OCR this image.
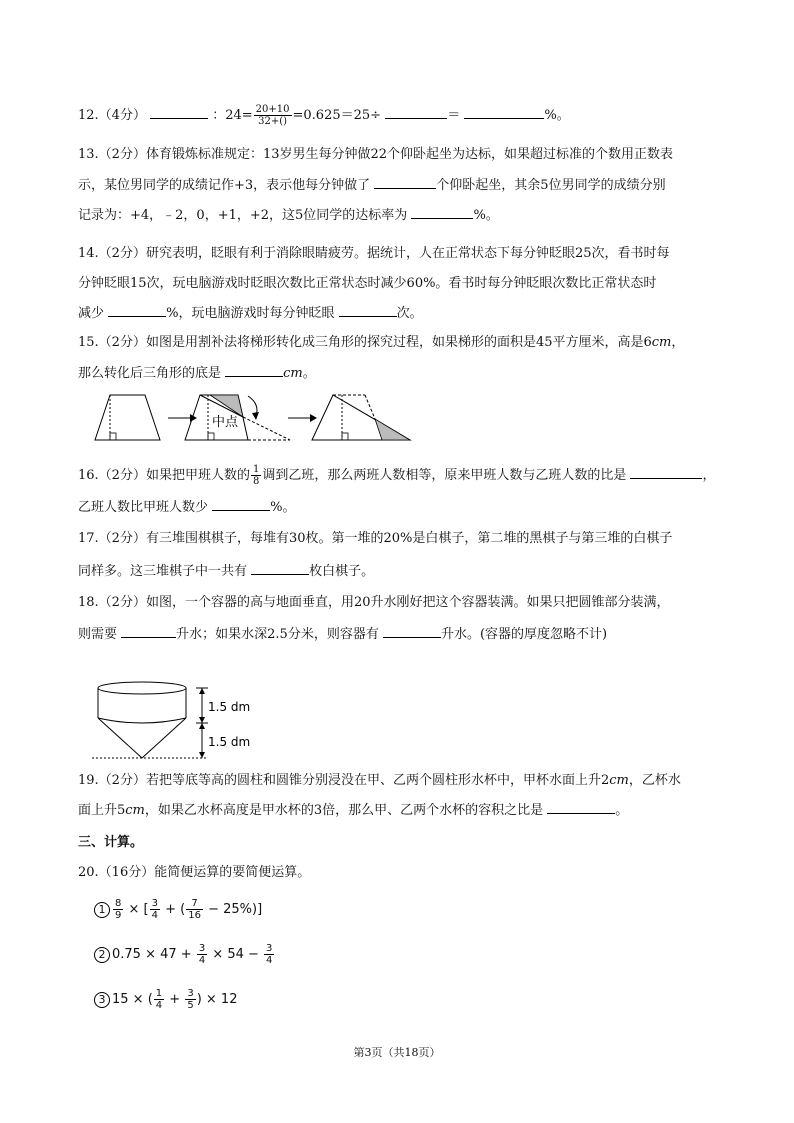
12.（4分）	：$24= \frac{20+10}{32+()} =0.625=25\div$	＝	%。
13.（2分）体育锻炼标准规定：13岁男生每分钟做22个仰卧起坐为达标，如果超过标准的个数用正数表
示，某位男同学的成绩记作+3，表示他每分钟做了	个仰卧起坐，其余5位男同学的成绩分别
记录为：+4，﹣2，0，+1，+2，这5位同学的达标率为	%。
14.（2分）研究表明，眨眼有利于消除眼睛疲劳。据统计，人在正常状态下每分钟眨眼25次，看书时每
分钟眨眼15次，玩电脑游戏时眨眼次数比正常状态时减少60%。看书时每分钟眨眼次数比正常状态时
减少	%，玩电脑游戏时每分钟眨眼	次。
15.（2分）如图是用割补法将梯形转化成三角形的探究过程，如果梯形的面积是45平方厘米，高是6cm，
那么转化后三角形的底是	cm。
中点
16.（2分）如果把甲班人数的 $\frac{1}{8}$ 调到乙班，那么两班人数相等，原来甲班人数与乙班人数的比是	，
乙班人数比甲班人数少	%。
17.（2分）有三堆围棋棋子，每堆有30枚。第一堆的20%是白棋子，第二堆的黑棋子与第三堆的白棋子
同样多。这三堆棋子中一共有	枚白棋子。
18.（2分）如图，一个容器的高与地面垂直，用20升水刚好把这个容器装满。如果只把圆锥部分装满，
则需要	升水；如果水深2.5分米，则容器有	升水。(容器的厚度忽略不计)
1.5 dm
1.5 dm
19.（2分）若把等底等高的圆柱和圆锥分别浸没在甲、乙两个圆柱形水杯中，甲杯水面上升2cm，乙杯水
面上升5cm，如果乙水杯高度是甲水杯的3倍，那么甲、乙两个水杯的容积之比是	。
三、计算。
20.（16分）能简便运算的要简便运算。
$1 \frac{8}{9}$ × [ $\frac{3}{4}$ + ( $\frac{7}{16} - 25\%$)]
2 $0.75 \times 47 + \frac{3}{4} \times 54 - \frac{3}{4}$
3 15 × ( $\frac{1}{4} + \frac{3}{5}$ ) × 12
第3页（共18页）
